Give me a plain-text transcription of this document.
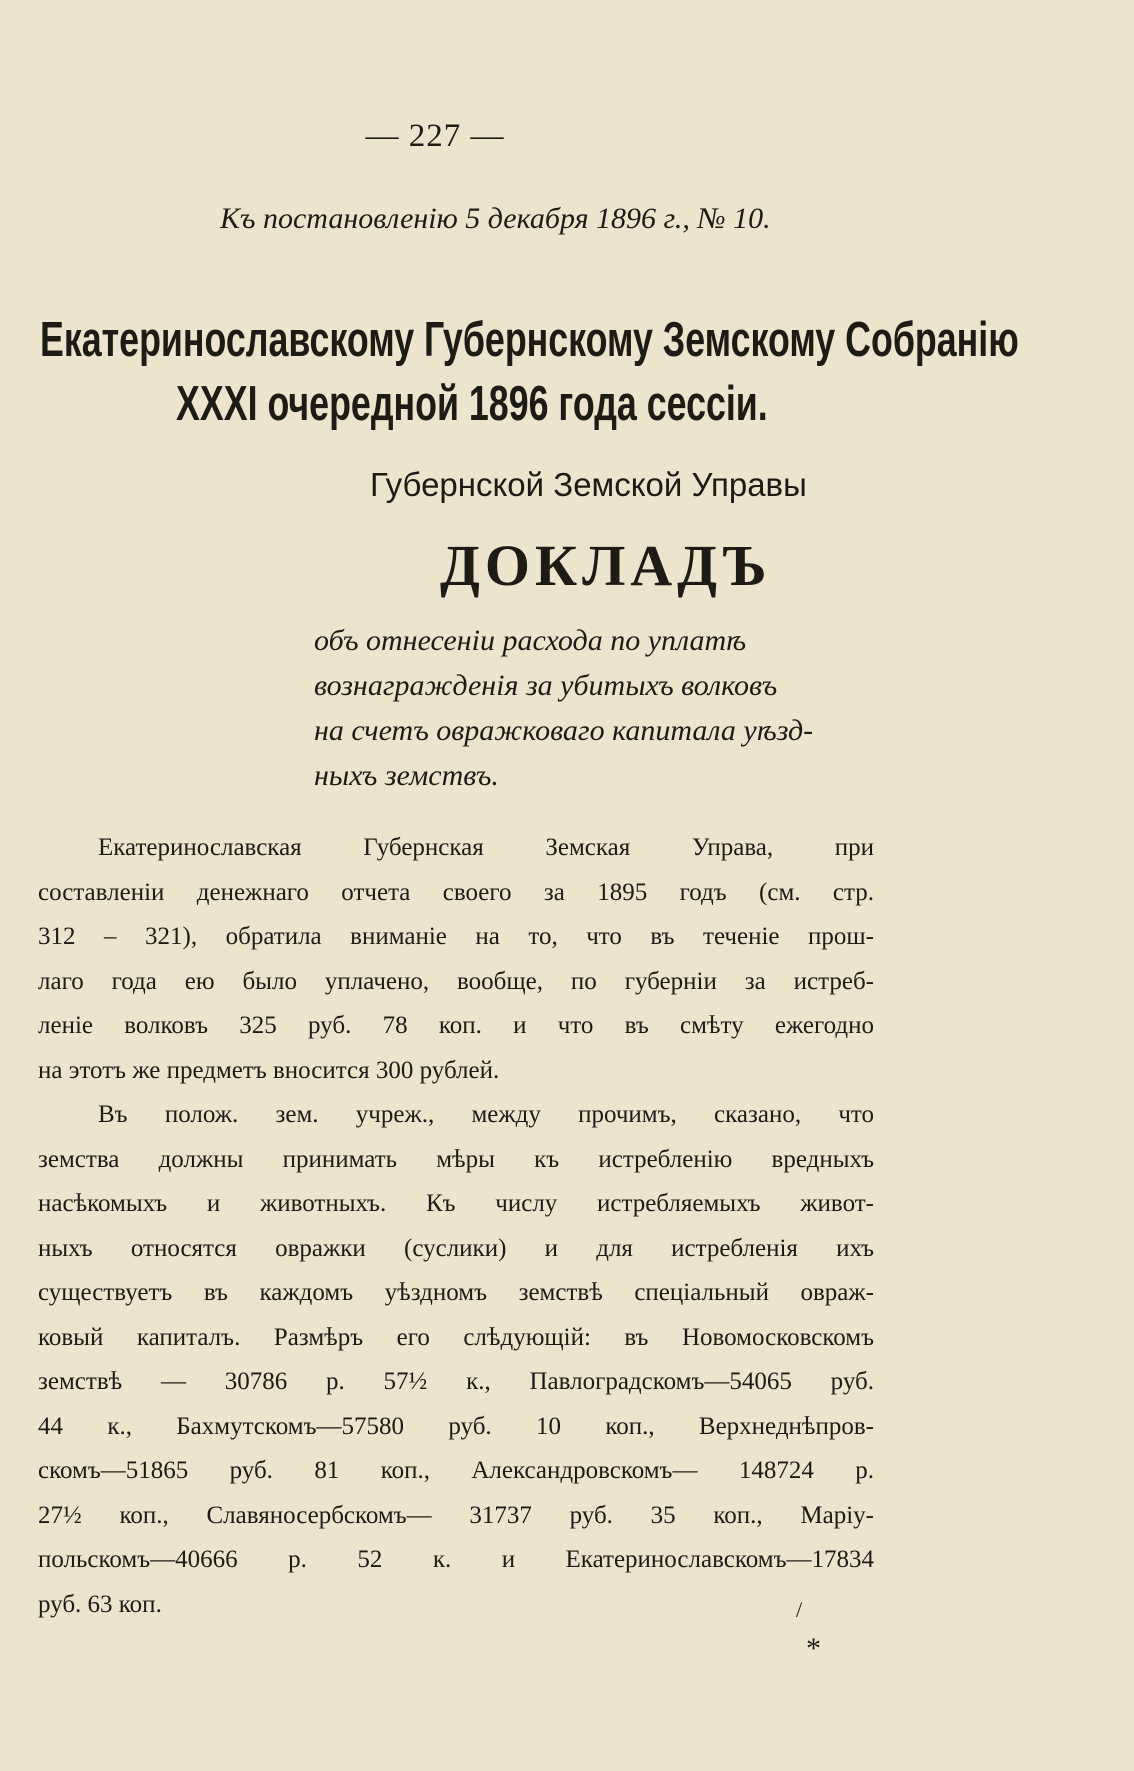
— 227 —
Къ постановленію 5 декабря 1896 г., № 10.
Екатеринославскому Губернскому Земскому Собранію
XXXI очередной 1896 года сессіи.
Губернской Земской Управы
ДОКЛАДЪ
объ отнесеніи расхода по уплатѣ
вознагражденія за убитыхъ волковъ
на счетъ овражковаго капитала уѣзд-
ныхъ земствъ.
Екатеринославская Губернская Земская Управа, при
составленіи денежнаго отчета своего за 1895 годъ (см. стр.
312 – 321), обратила вниманіе на то, что въ теченіе прош-
лаго года ею было уплачено, вообще, по губерніи за истреб-
леніе волковъ 325 руб. 78 коп. и что въ смѣту ежегодно
на этотъ же предметъ вносится 300 рублей.
Въ полож. зем. учреж., между прочимъ, сказано, что
земства должны принимать мѣры къ истребленію вредныхъ
насѣкомыхъ и животныхъ. Къ числу истребляемыхъ живот-
ныхъ относятся овражки (суслики) и для истребленія ихъ
существуетъ въ каждомъ уѣздномъ земствѣ спеціальный овраж-
ковый капиталъ. Размѣръ его слѣдующій: въ Новомосковскомъ
земствѣ — 30786 р. 57½ к., Павлоградскомъ—54065 руб.
44 к., Бахмутскомъ—57580 руб. 10 коп., Верхнеднѣпров-
скомъ—51865 руб. 81 коп., Александровскомъ— 148724 р.
27½ коп., Славяносербскомъ— 31737 руб. 35 коп., Маріу-
польскомъ—40666 р. 52 к. и Екатеринославскомъ—17834
руб. 63 коп.	/
*
